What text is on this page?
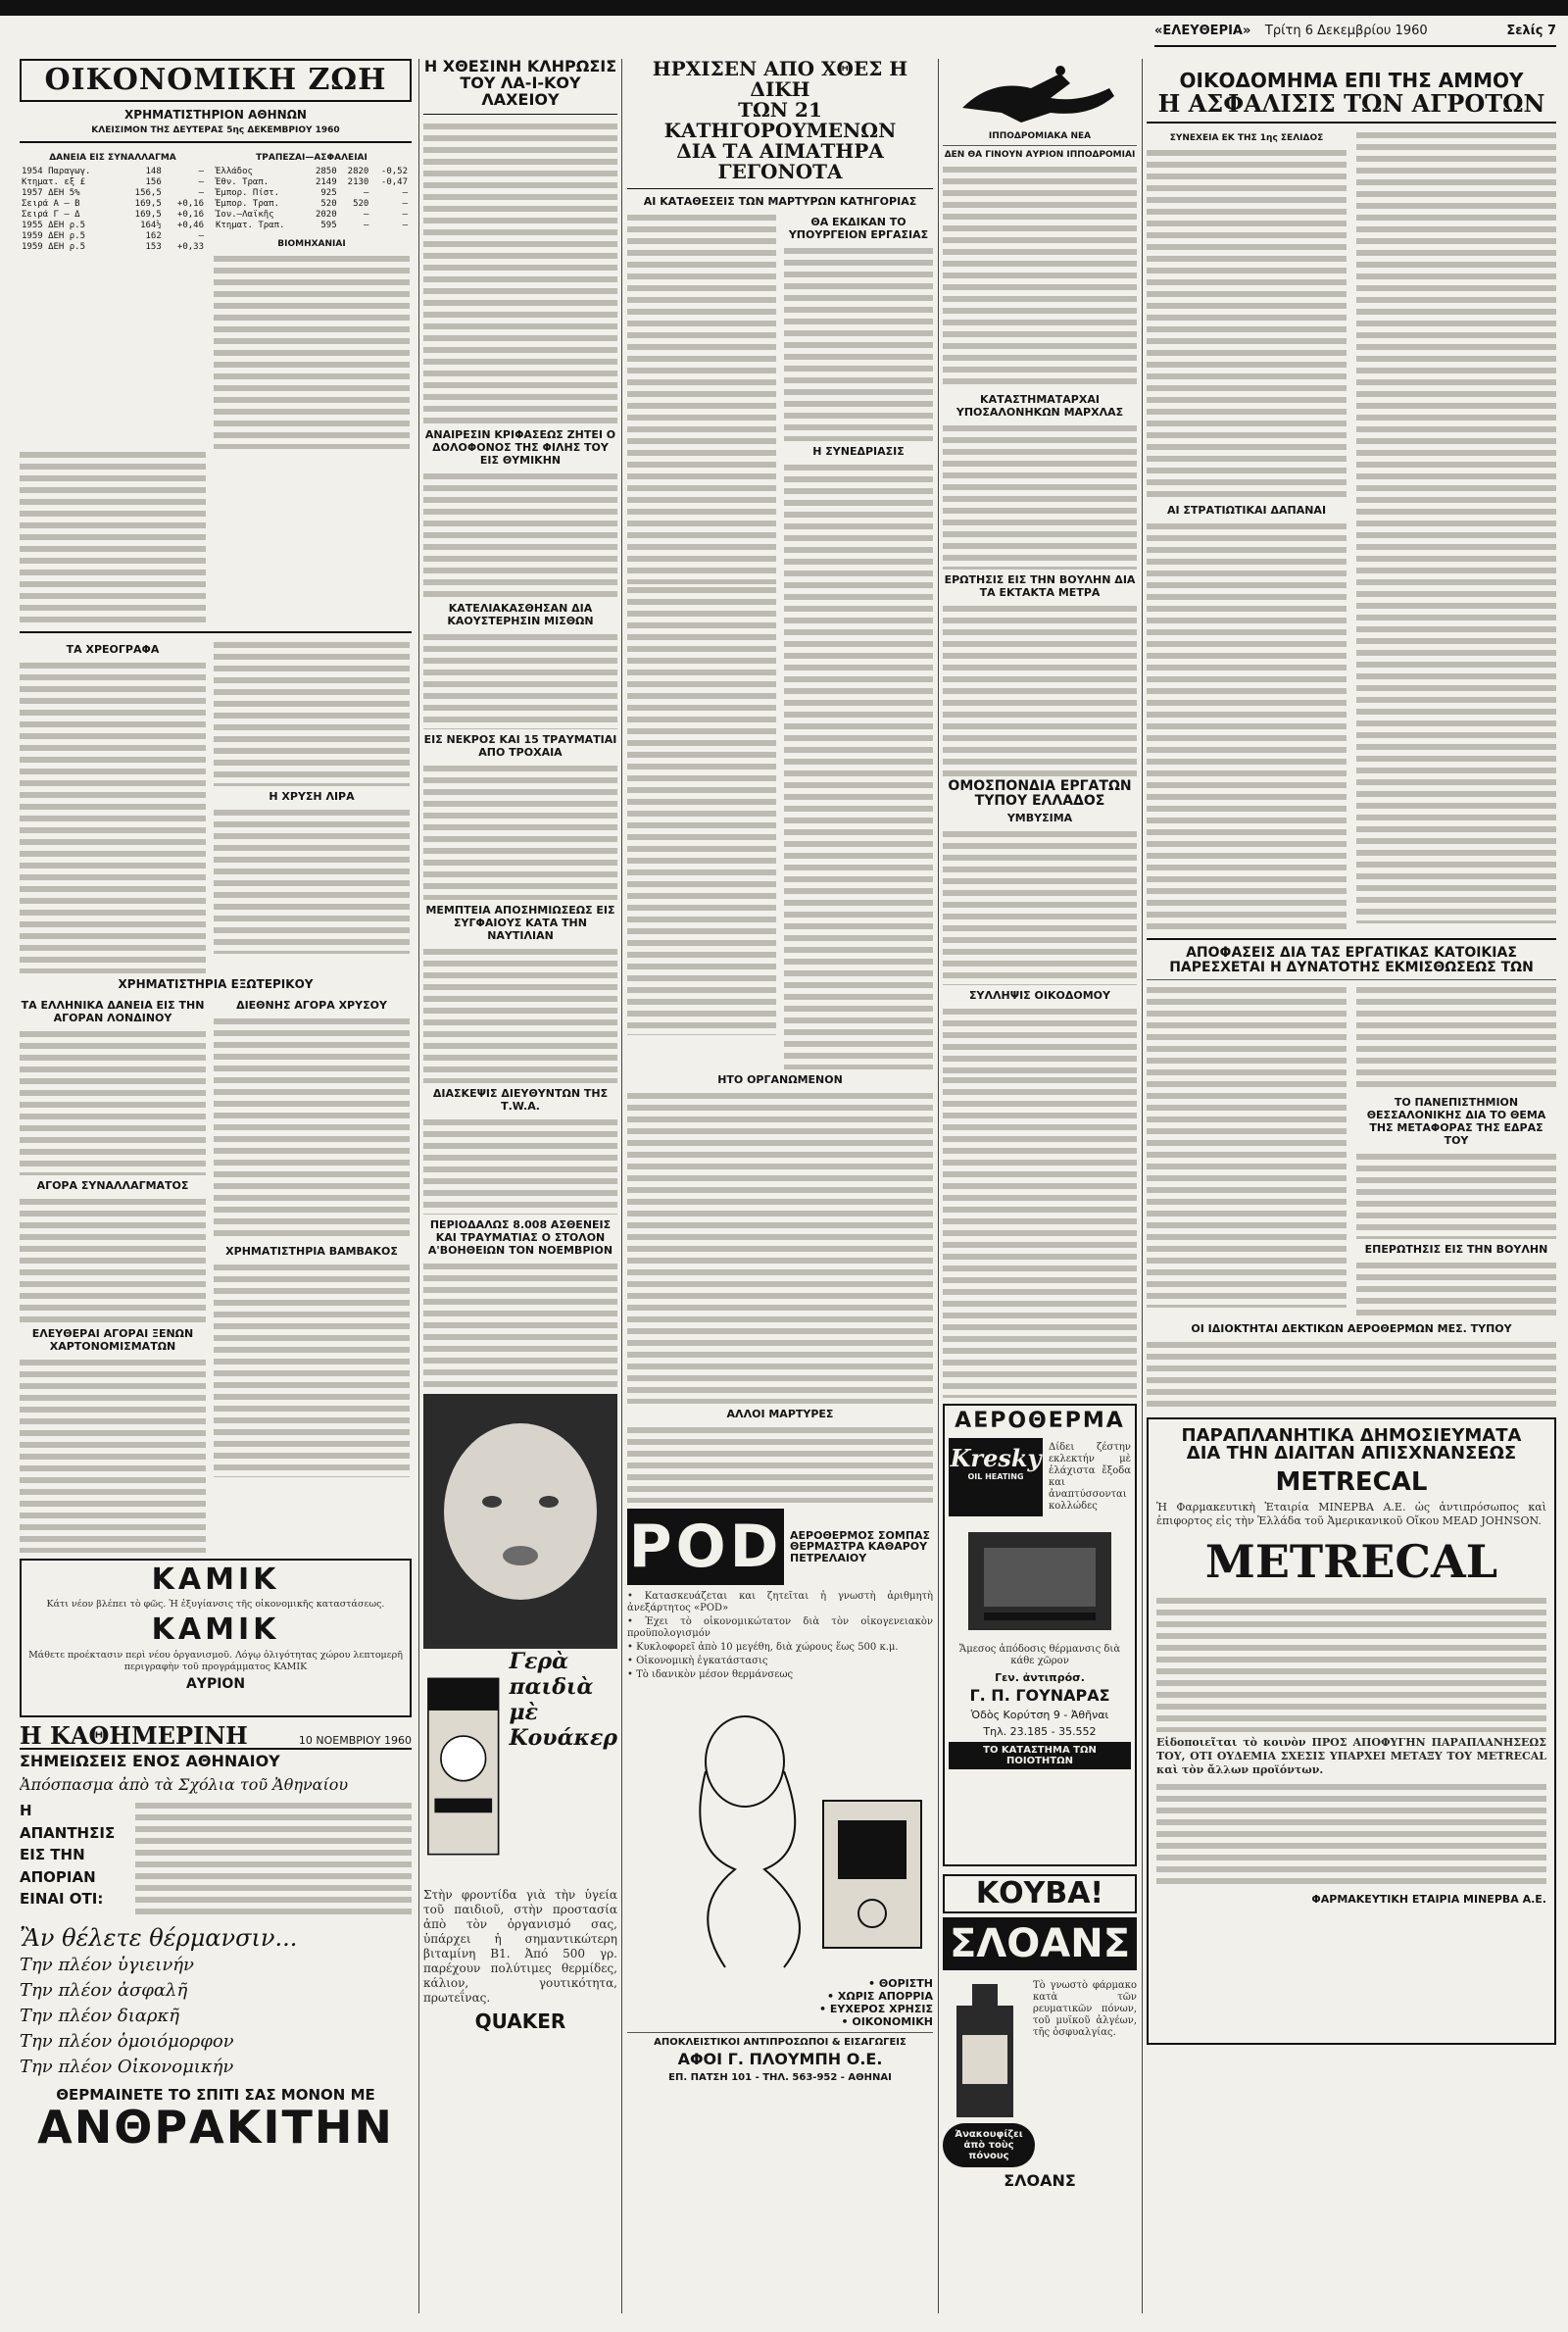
«ΕΛΕΥΘΕΡΙΑ» Τρίτη 6 Δεκεμβρίου 1960	Σελίς 7
ΟΙΚΟΝΟΜΙΚΗ ΖΩΗ
ΧΡΗΜΑΤΙΣΤΗΡΙΟΝ ΑΘΗΝΩΝ
ΚΛΕΙΣΙΜΟΝ ΤΗΣ ΔΕΥΤΕΡΑΣ 5ης ΔΕΚΕΜΒΡΙΟΥ 1960
ΔΑΝΕΙΑ ΕΙΣ ΣΥΝΑΛΛΑΓΜΑ
1954 Παραγωγ.	148	—
Κτηματ. εξ £	156	—
1957 ΔΕΗ 5%	156,5	—
Σειρά Α — Β	169,5	+0,16
Σειρά Γ — Δ	169,5	+0,16
1955 ΔΕΗ ρ.5	164½	+0,46
1959 ΔΕΗ ρ.5	162	—
1959 ΔΕΗ ρ.5	153	+0,33
ΤΡΑΠΕΖΑΙ—ΑΣΦΑΛΕΙΑΙ
Ἑλλάδος	2850	2820	-0,52
Ἐθν. Τραπ.	2149	2130	-0,47
Ἐμπορ. Πίστ.	925	—	—
Ἐμπορ. Τραπ.	520	520	—
Ἰον.—Λαϊκῆς	2020	—	—
Κτηματ. Τραπ.	595	—	—
ΒΙΟΜΗΧΑΝΙΑΙ
ΤΑ ΧΡΕΟΓΡΑΦΑ
Η ΧΡΥΣΗ ΛΙΡΑ
ΧΡΗΜΑΤΙΣΤΗΡΙΑ ΕΞΩΤΕΡΙΚΟΥ
ΤΑ ΕΛΛΗΝΙΚΑ ΔΑΝΕΙΑ ΕΙΣ ΤΗΝ ΑΓΟΡΑΝ ΛΟΝΔΙΝΟΥ
ΑΓΟΡΑ ΣΥΝΑΛΛΑΓΜΑΤΟΣ
ΕΛΕΥΘΕΡΑΙ ΑΓΟΡΑΙ ΞΕΝΩΝ ΧΑΡΤΟΝΟΜΙΣΜΑΤΩΝ
ΔΙΕΘΝΗΣ ΑΓΟΡΑ ΧΡΥΣΟΥ
ΧΡΗΜΑΤΙΣΤΗΡΙΑ ΒΑΜΒΑΚΟΣ
KAMIK
Κάτι νέον βλέπει τὸ φῶς. Ἡ ἐξυγίανσις τῆς οἰκονομικῆς καταστάσεως.
KAMIK
Μάθετε προέκτασιν περὶ νέου ὀργανισμοῦ. Λόγῳ ὀλιγότητας χώρου λεπτομερῆ περιγραφὴν τοῦ προγράμματος KAMIK
ΑΥΡΙΟΝ
Η ΚΑΘΗΜΕΡΙΝΗ	10 ΝΟΕΜΒΡΙΟΥ 1960
ΣΗΜΕΙΩΣΕΙΣ ΕΝΟΣ ΑΘΗΝΑΙΟΥ
Ἀπόσπασμα ἀπὸ τὰ Σχόλια τοῦ Ἀθηναίου
Η ΑΠΑΝΤΗΣΙΣ ΕΙΣ ΤΗΝ ΑΠΟΡΙΑΝ ΕΙΝΑΙ ΟΤΙ:
Ἂν θέλετε θέρμανσιν...
Την πλέον ὑγιεινήν
Την πλέον ἀσφαλῆ
Την πλέον διαρκῆ
Την πλέον ὁμοιόμορφον
Την πλέον Οἰκονομικήν
ΘΕΡΜΑΙΝΕΤΕ ΤΟ ΣΠΙΤΙ ΣΑΣ ΜΟΝΟΝ ΜΕ
ΑΝΘΡΑΚΙΤΗΝ
Η ΧΘΕΣΙΝΗ ΚΛΗΡΩΣΙΣ ΤΟΥ ΛΑ-Ι-ΚΟΥ ΛΑΧΕΙΟΥ
ΑΝΑΙΡΕΣΙΝ ΚΡΙΦΑΣΕΩΣ ΖΗΤΕΙ Ο ΔΟΛΟΦΟΝΟΣ ΤΗΣ ΦΙΛΗΣ ΤΟΥ ΕΙΣ ΘΥΜΙΚΗΝ
ΚΑΤΕΛΙΑΚΑΣΘΗΣΑΝ ΔΙΑ ΚΑΟΥΣΤΕΡΗΣΙΝ ΜΙΣΘΩΝ
ΕΙΣ ΝΕΚΡΟΣ ΚΑΙ 15 ΤΡΑΥΜΑΤΙΑΙ ΑΠΟ ΤΡΟΧΑΙΑ
ΜΕΜΠΤΕΙΑ ΑΠΟΣΗΜΙΩΣΕΩΣ ΕΙΣ ΣΥΓΦΑΙΟΥΣ ΚΑΤΑ ΤΗΝ ΝΑΥΤΙΛΙΑΝ
ΔΙΑΣΚΕΨΙΣ ΔΙΕΥΘΥΝΤΩΝ ΤΗΣ Τ.W.Α.
ΠΕΡΙΟΔΑΛΩΣ 8.008 ΑΣΘΕΝΕΙΣ ΚΑΙ ΤΡΑΥΜΑΤΙΑΣ Ο ΣΤΟΛΟΝ Α'ΒΟΗΘΕΙΩΝ ΤΟΝ ΝΟΕΜΒΡΙΟΝ
Γερὰ
παιδιὰ
μὲ
Κουάκερ
Στὴν φροντίδα γιὰ τὴν ὑγεία τοῦ παιδιοῦ, στὴν προστασία ἀπὸ τὸν ὀργανισμό σας, ὑπάρχει ἡ σημαντικώτερη βιταμίνη Β1. Ἀπό 500 γρ. παρέχουν πολύτιμες θερμίδες, κάλιον, γουτικότητα, πρωτεΐνας.
QUAKER
ΗΡΧΙΣΕΝ ΑΠΟ ΧΘΕΣ Η ΔΙΚΗ
ΤΩΝ 21 ΚΑΤΗΓΟΡΟΥΜΕΝΩΝ
ΔΙΑ ΤΑ ΑΙΜΑΤΗΡΑ ΓΕΓΟΝΟΤΑ
ΑΙ ΚΑΤΑΘΕΣΕΙΣ ΤΩΝ ΜΑΡΤΥΡΩΝ ΚΑΤΗΓΟΡΙΑΣ
ΘΑ ΕΚΔΙΚΑΝ ΤΟ ΥΠΟΥΡΓΕΙΟΝ ΕΡΓΑΣΙΑΣ
Η ΣΥΝΕΔΡΙΑΣΙΣ
ΗΤΟ ΟΡΓΑΝΩΜΕΝΟΝ
ΑΛΛΟΙ ΜΑΡΤΥΡΕΣ
POD ΑΕΡΟΘΕΡΜΟΣ ΣΟΜΠΑΣ
ΘΕΡΜΑΣΤΡΑ ΚΑΘΑΡΟΥ ΠΕΤΡΕΛΑΙΟΥ
• Κατασκευάζεται και ζητεῖται ἡ γνωστὴ ἀριθμητὴ ἀνεξάρτητος «POD»
• Ἐχει τὸ οἰκονομικώτατον διὰ τὸν οἰκογενειακὸν προϋπολογισμόν
• Κυκλοφορεῖ ἀπὸ 10 μεγέθη, διὰ χώρους ἕως 500 κ.μ.
• Οἰκονομικὴ ἐγκατάστασις
• Τὸ ιδανικὸν μέσον θερμάνσεως
• ΘΟΡΙΣΤΗ
• ΧΩΡΙΣ ΑΠΟΡΡΙΑ
• ΕΥΧΕΡΟΣ ΧΡΗΣΙΣ
• ΟΙΚΟΝΟΜΙΚΗ
ΑΠΟΚΛΕΙΣΤΙΚΟΙ ΑΝΤΙΠΡΟΣΩΠΟΙ & ΕΙΣΑΓΩΓΕΙΣ
ΑΦΟΙ Γ. ΠΛΟΥΜΠΗ Ο.Ε.
ΕΠ. ΠΑΤΣΗ 101 - ΤΗΛ. 563-952 - ΑΘΗΝΑΙ
ΙΠΠΟΔΡΟΜΙΑΚΑ ΝΕΑ
ΔΕΝ ΘΑ ΓΙΝΟΥΝ ΑΥΡΙΟΝ ΙΠΠΟΔΡΟΜΙΑΙ
ΚΑΤΑΣΤΗΜΑΤΑΡΧΑΙ ΥΠΟΣΑΛΟΝΗΚΩΝ ΜΑΡΧΛΑΣ
ΕΡΩΤΗΣΙΣ ΕΙΣ ΤΗΝ ΒΟΥΛΗΝ ΔΙΑ ΤΑ ΕΚΤΑΚΤΑ ΜΕΤΡΑ
ΟΜΟΣΠΟΝΔΙΑ ΕΡΓΑΤΩΝ ΤΥΠΟΥ ΕΛΛΑΔΟΣ
ΥΜΒΥΣΙΜΑ
ΣΥΛΛΗΨΙΣ ΟΙΚΟΔΟΜΟΥ
ΑΕΡΟΘΕΡΜΑ
Kresky
OIL HEATING
Δίδει ζέστην εκλεκτήν μὲ ἐλάχιστα ἔξοδα και ἀναπτύσσονται κολλώδες
Ἄμεσος ἀπόδοσις θέρμανσις διὰ κάθε χῶρον
Γεν. ἀντιπρόσ.
Γ. Π. ΓΟΥΝΑΡΑΣ
Ὁδὸς Κορύτση 9 - Ἀθῆναι
Τηλ. 23.185 - 35.552
ΤΟ ΚΑΤΑΣΤΗΜΑ ΤΩΝ ΠΟΙΟΤΗΤΩΝ
ΚΟΥΒΑ!
ΣΛΟΑΝΣ
Τὸ γνωστὸ φάρμακο κατὰ τῶν ρευματικῶν πόνων, τοῦ μυϊκοῦ ἀλγέων, τῆς ὀσφυαλγίας.
Ἀνακουφίζει ἀπὸ τοὺς πόνους
ΣΛΟΑΝΣ
ΟΙΚΟΔΟΜΗΜΑ ΕΠΙ ΤΗΣ ΑΜΜΟΥ
Η ΑΣΦΑΛΙΣΙΣ ΤΩΝ ΑΓΡΟΤΩΝ
ΣΥΝΕΧΕΙΑ ΕΚ ΤΗΣ 1ης ΣΕΛΙΔΟΣ
ΑΙ ΣΤΡΑΤΙΩΤΙΚΑΙ ΔΑΠΑΝΑΙ
ΑΠΟΦΑΣΕΙΣ ΔΙΑ ΤΑΣ ΕΡΓΑΤΙΚΑΣ ΚΑΤΟΙΚΙΑΣ
ΠΑΡΕΣΧΕΤΑΙ Η ΔΥΝΑΤΟΤΗΣ ΕΚΜΙΣΘΩΣΕΩΣ ΤΩΝ
ΤΟ ΠΑΝΕΠΙΣΤΗΜΙΟΝ ΘΕΣΣΑΛΟΝΙΚΗΣ ΔΙΑ ΤΟ ΘΕΜΑ ΤΗΣ ΜΕΤΑΦΟΡΑΣ ΤΗΣ ΕΔΡΑΣ ΤΟΥ
ΕΠΕΡΩΤΗΣΙΣ ΕΙΣ ΤΗΝ ΒΟΥΛΗΝ
ΟΙ ΙΔΙΟΚΤΗΤΑΙ ΔΕΚΤΙΚΩΝ ΑΕΡΟΘΕΡΜΩΝ ΜΕΣ. ΤΥΠΟΥ
ΠΑΡΑΠΛΑΝΗΤΙΚΑ ΔΗΜΟΣΙΕΥΜΑΤΑ
ΔΙΑ ΤΗΝ ΔΙΑΙΤΑΝ ΑΠΙΣΧΝΑΝΣΕΩΣ
METRECAL
Ἡ Φαρμακευτικὴ Ἑταιρία ΜΙΝΕΡΒΑ Α.Ε. ὡς ἀντιπρόσωπος καὶ ἐπιφορτος εἰς τὴν Ἑλλάδα τοῦ Ἀμερικανικοῦ Οἴκου MEAD JOHNSON.
METRECAL
Εἰδοποιεῖται τὸ κοινὸν ΠΡΟΣ ΑΠΟΦΥΓΗΝ ΠΑΡΑΠΛΑΝΗΣΕΩΣ ΤΟΥ, ΟΤΙ ΟΥΔΕΜΙΑ ΣΧΕΣΙΣ ΥΠΑΡΧΕΙ ΜΕΤΑΞΥ ΤΟΥ METRECAL καὶ τὸν ἄλλων προϊόντων.
ΦΑΡΜΑΚΕΥΤΙΚΗ ΕΤΑΙΡΙΑ ΜΙΝΕΡΒΑ Α.Ε.
